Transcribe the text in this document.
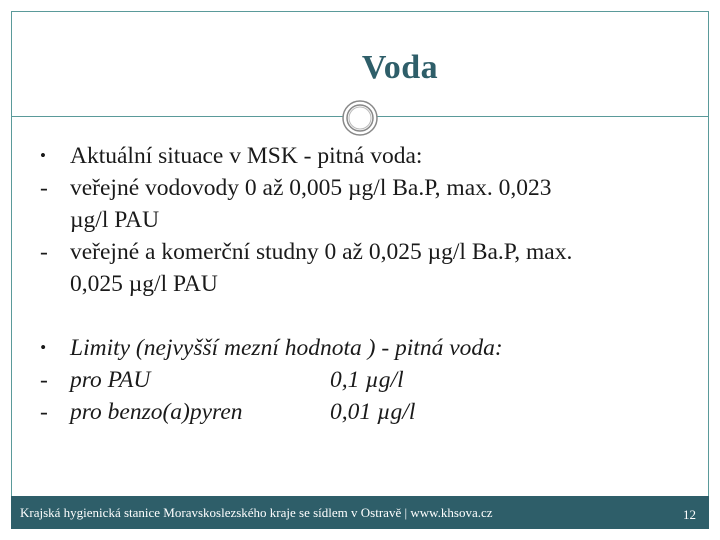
Voda
• Aktuální situace v MSK - pitná voda:
- veřejné vodovody 0 až 0,005 µg/l Ba.P, max. 0,023
µg/l PAU
- veřejné a komerční studny 0 až 0,025 µg/l Ba.P, max.
0,025 µg/l PAU
• Limity (nejvyšší mezní hodnota ) - pitná voda:
- pro PAU	0,1 µg/l
- pro benzo(a)pyren	0,01 µg/l
Krajská hygienická stanice Moravskoslezského kraje se sídlem v Ostravě | www.khsova.cz	12
